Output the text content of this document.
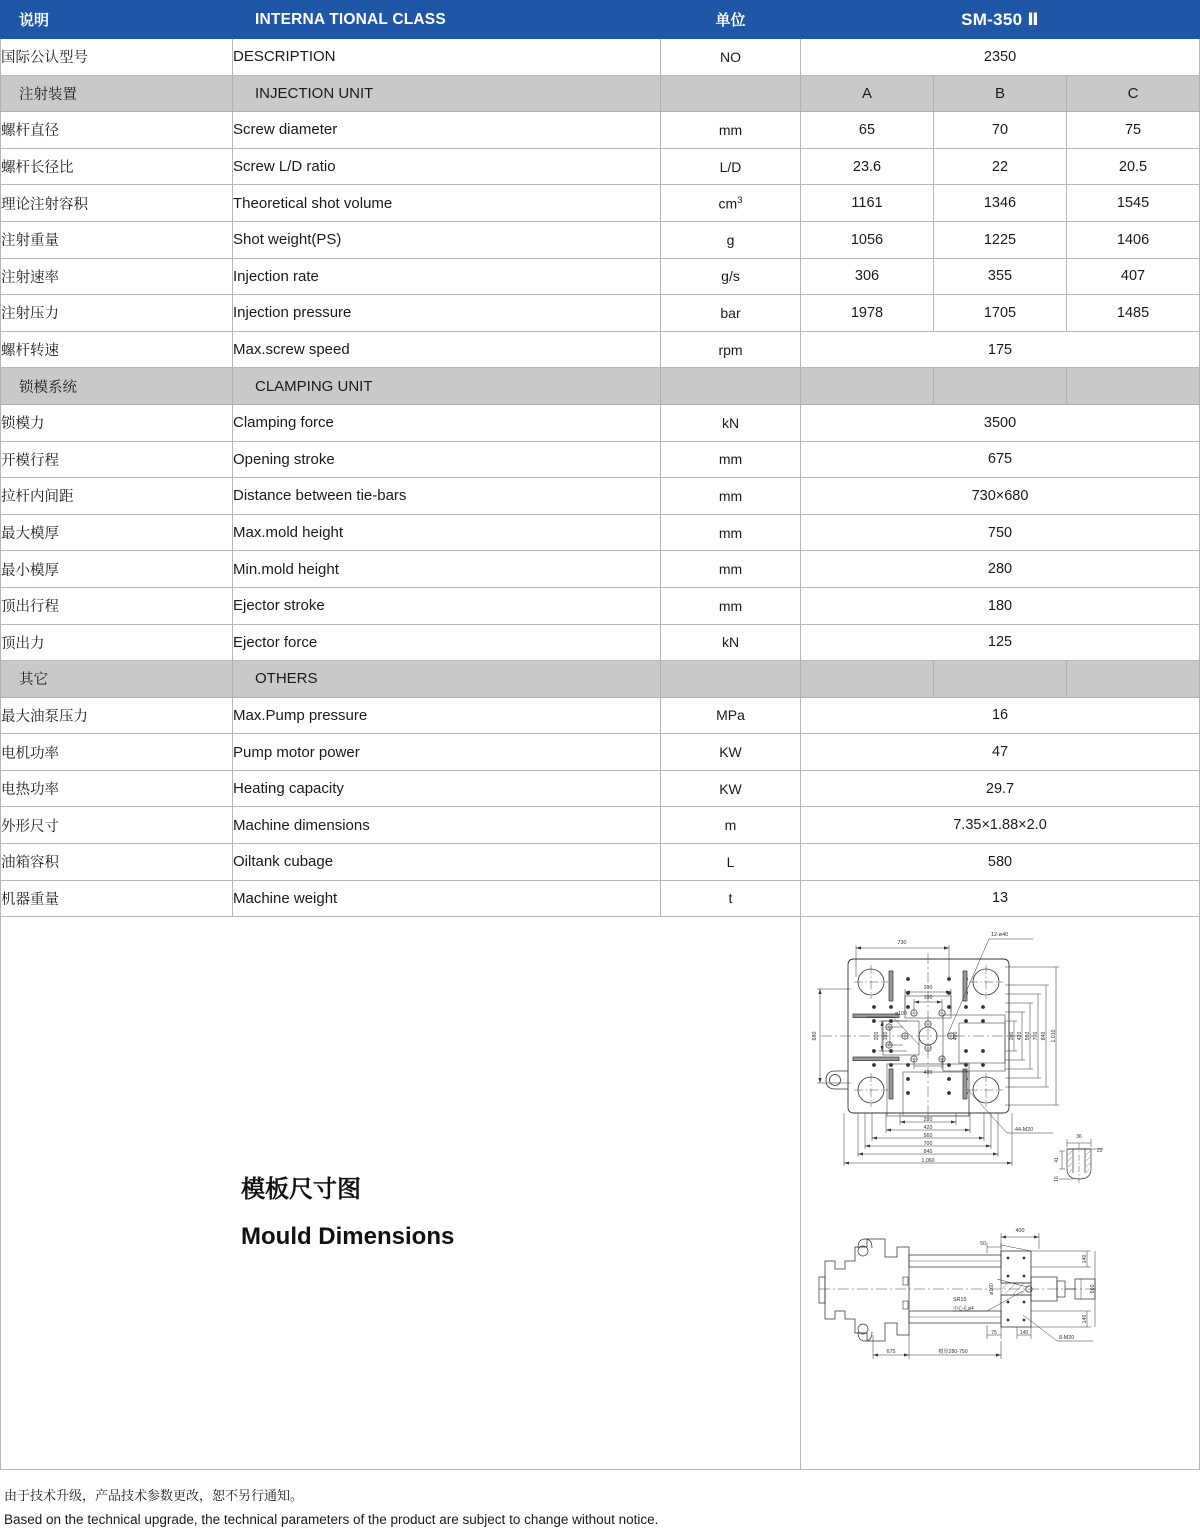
说明	INTERNA TIONAL CLASS	单位	SM-350 Ⅱ		
国际公认型号	DESCRIPTION	NO	2350		
注射装置	INJECTION UNIT		A	B	C
螺杆直径	Screw diameter	mm	65	70	75
螺杆长径比	Screw L/D ratio	L/D	23.6	22	20.5
理论注射容积	Theoretical shot volume	$cm^3$	1161	1346	1545
注射重量	Shot weight(PS)	g	1056	1225	1406
注射速率	Injection rate	g/s	306	355	407
注射压力	Injection pressure	bar	1978	1705	1485
螺杆转速	Max.screw speed	rpm	175		
锁模系统	CLAMPING UNIT				
锁模力	Clamping force	kN	3500		
开模行程	Opening stroke	mm	675		
拉杆内间距	Distance between tie-bars	mm	730×680		
最大模厚	Max.mold height	mm	750		
最小模厚	Min.mold height	mm	280		
顶出行程	Ejector stroke	mm	180		
顶出力	Ejector force	kN	125		
其它	OTHERS				
最大油泵压力	Max.Pump pressure	MPa	16		
电机功率	Pump motor power	KW	47		
电热功率	Heating capacity	KW	29.7		
外形尺寸	Machine dimensions	m	7.35×1.88×2.0		
油箱容积	Oiltank cubage	L	580		
机器重量	Machine weight	t	13		
模板尺寸图
Mould Dimensions
730
680
200
100
200 100
400
400
12-ø40
ø100
44-M20
280
420
560
700
840
1,060
280 420 560 700 840 1,010
36
22
41
16
400
50
140
560
140
ø160
SR15
中心孔ø4
8-M20
75	140
675	模厚280-750
由于技术升级，产品技术参数更改，恕不另行通知。
Based on the technical upgrade, the technical parameters of the product are subject to change without notice.
